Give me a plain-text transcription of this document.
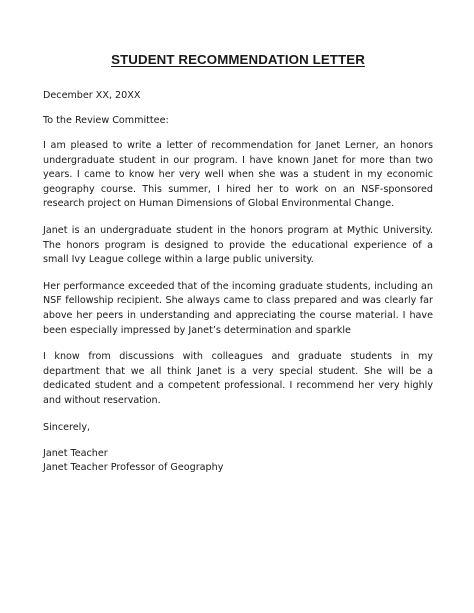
STUDENT RECOMMENDATION LETTER

December XX, 20XX

To the Review Committee:

I am pleased to write a letter of recommendation for Janet Lerner, an honors undergraduate student in our program. I have known Janet for more than two years. I came to know her very well when she was a student in my economic geography course. This summer, I hired her to work on an NSF-sponsored research project on Human Dimensions of Global Environmental Change.

Janet is an undergraduate student in the honors program at Mythic University. The honors program is designed to provide the educational experience of a small Ivy League college within a large public university.

Her performance exceeded that of the incoming graduate students, including an NSF fellowship recipient. She always came to class prepared and was clearly far above her peers in understanding and appreciating the course material. I have been especially impressed by Janet’s determination and sparkle

I know from discussions with colleagues and graduate students in my department that we all think Janet is a very special student. She will be a dedicated student and a competent professional. I recommend her very highly and without reservation.

Sincerely,

Janet Teacher

Janet Teacher Professor of Geography
